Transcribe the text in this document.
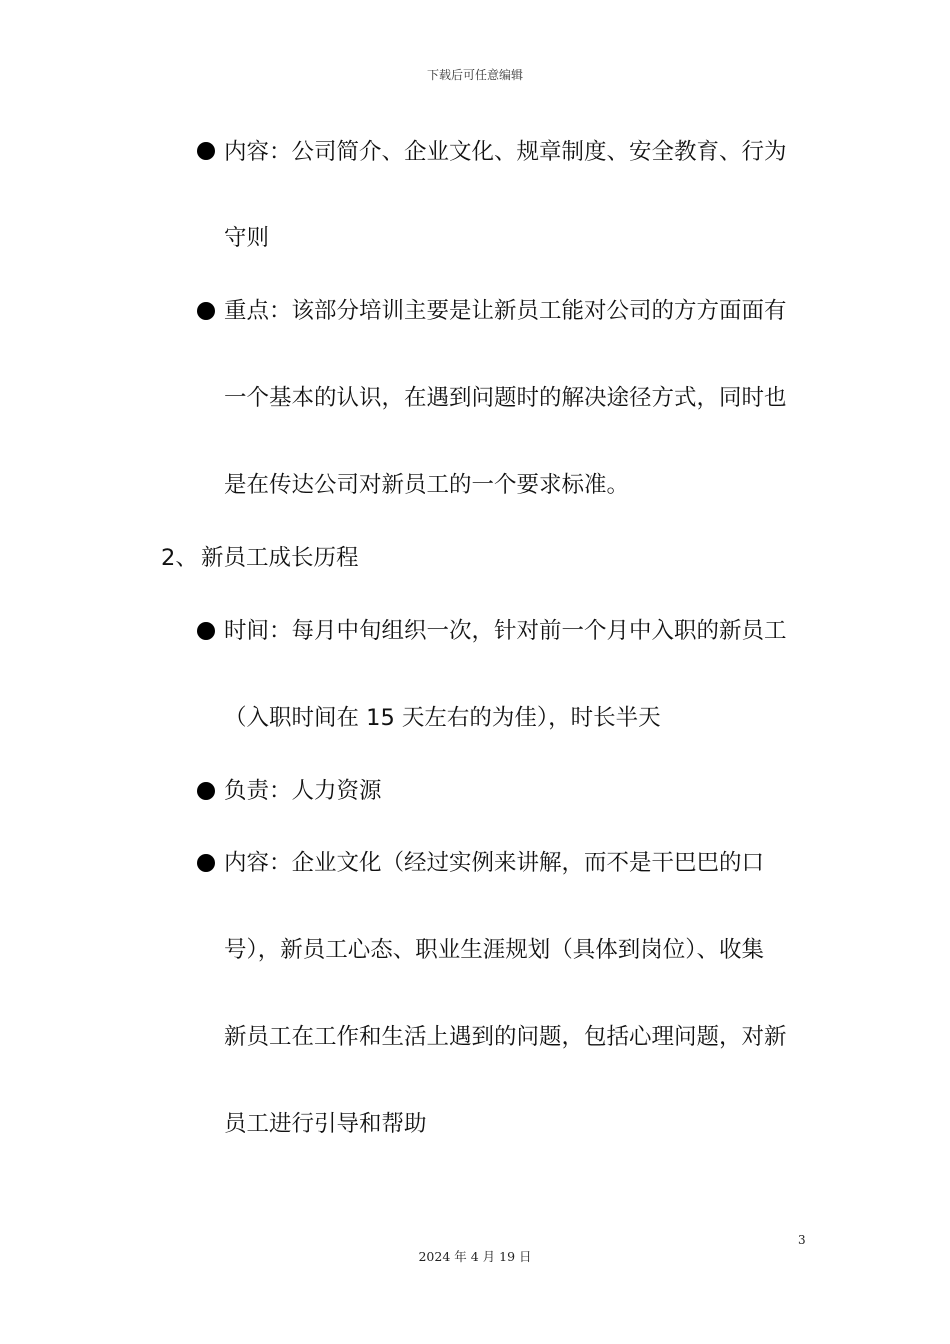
下载后可任意编辑
内容：公司简介、企业文化、规章制度、安全教育、行为
守则
重点：该部分培训主要是让新员工能对公司的方方面面有
一个基本的认识，在遇到问题时的解决途径方式，同时也
是在传达公司对新员工的一个要求标准。
2、 新员工成长历程
时间：每月中旬组织一次，针对前一个月中入职的新员工
（入职时间在 15 天左右的为佳），时长半天
负责：人力资源
内容：企业文化（经过实例来讲解，而不是干巴巴的口
号），新员工心态、职业生涯规划（具体到岗位）、收集
新员工在工作和生活上遇到的问题，包括心理问题，对新
员工进行引导和帮助
3
2024 年 4 月 19 日
